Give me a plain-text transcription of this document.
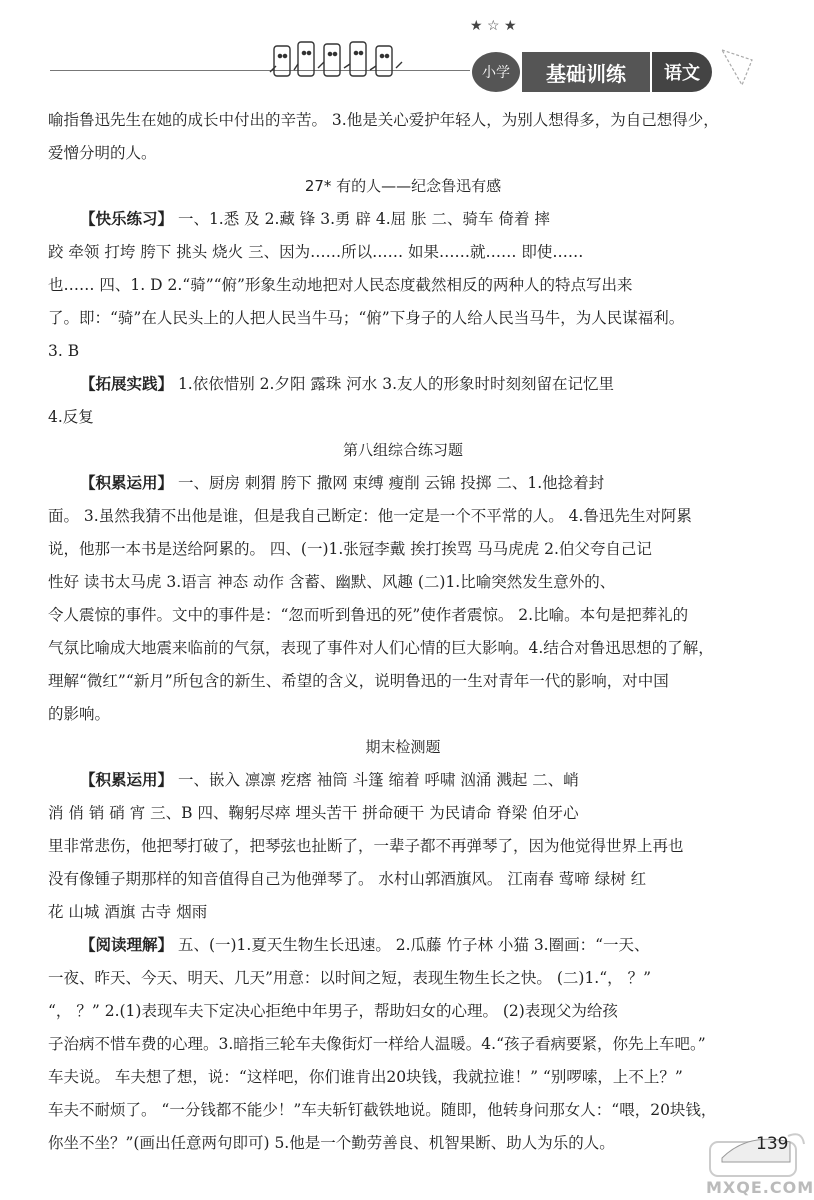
★ ☆ ★
小学	基础训练	语文

喻指鲁迅先生在她的成长中付出的辛苦。 3.他是关心爱护年轻人，为别人想得多，为自己想得少，

爱憎分明的人。

27* 有的人——纪念鲁迅有感

【快乐练习】 一、1.悉 及 2.藏 锋 3.勇 辟 4.屈 胀 二、骑车 倚着 摔

跤 牵领 打垮 胯下 挑头 烧火 三、因为……所以…… 如果……就…… 即使……

也…… 四、1. D 2.“骑”“俯”形象生动地把对人民态度截然相反的两种人的特点写出来

了。即：“骑”在人民头上的人把人民当牛马；“俯”下身子的人给人民当马牛，为人民谋福利。

3. B

【拓展实践】 1.依依惜别 2.夕阳 露珠 河水 3.友人的形象时时刻刻留在记忆里

4.反复

第八组综合练习题

【积累运用】 一、厨房 刺猬 胯下 撒网 束缚 瘦削 云锦 投掷 二、1.他捻着封

面。 3.虽然我猜不出他是谁，但是我自己断定：他一定是一个不平常的人。 4.鲁迅先生对阿累

说，他那一本书是送给阿累的。 四、(一)1.张冠李戴 挨打挨骂 马马虎虎 2.伯父夸自己记

性好 读书太马虎 3.语言 神态 动作 含蓄、幽默、风趣 (二)1.比喻突然发生意外的、

令人震惊的事件。文中的事件是：“忽而听到鲁迅的死”使作者震惊。 2.比喻。本句是把葬礼的

气氛比喻成大地震来临前的气氛，表现了事件对人们心情的巨大影响。4.结合对鲁迅思想的了解，

理解“微红”“新月”所包含的新生、希望的含义，说明鲁迅的一生对青年一代的影响，对中国

的影响。

期末检测题

【积累运用】 一、嵌入 凛凛 疙瘩 袖筒 斗篷 缩着 呼啸 汹涌 溅起 二、峭

消 俏 销 硝 宵 三、B 四、鞠躬尽瘁 埋头苦干 拼命硬干 为民请命 脊梁 伯牙心

里非常悲伤，他把琴打破了，把琴弦也扯断了，一辈子都不再弹琴了，因为他觉得世界上再也

没有像锺子期那样的知音值得自己为他弹琴了。 水村山郭酒旗风。 江南春 莺啼 绿树 红

花 山城 酒旗 古寺 烟雨

【阅读理解】 五、(一)1.夏天生物生长迅速。 2.瓜藤 竹子林 小猫 3.圈画：“一天、

一夜、昨天、今天、明天、几天”用意：以时间之短，表现生物生长之快。 (二)1.“， ？”

“， ？” 2.(1)表现车夫下定决心拒绝中年男子，帮助妇女的心理。 (2)表现父为给孩

子治病不惜车费的心理。3.暗指三轮车夫像街灯一样给人温暖。4.“孩子看病要紧，你先上车吧。”

车夫说。 车夫想了想，说：“这样吧，你们谁肯出20块钱，我就拉谁！” “别啰嗦，上不上？”

车夫不耐烦了。 “一分钱都不能少！”车夫斩钉截铁地说。随即，他转身问那女人：“喂，20块钱，

你坐不坐？”(画出任意两句即可) 5.他是一个勤劳善良、机智果断、助人为乐的人。	139
MXQE.COM
